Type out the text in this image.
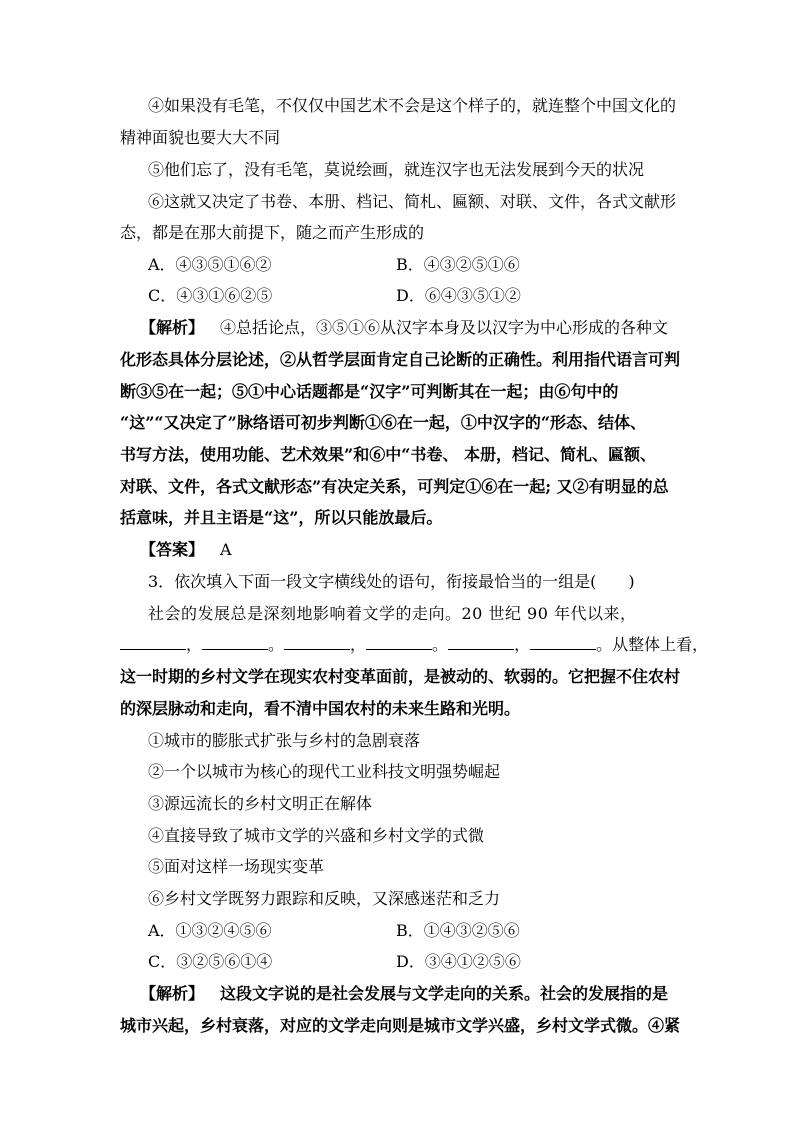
④如果没有毛笔，不仅仅中国艺术不会是这个样子的，就连整个中国文化的
精神面貌也要大大不同
⑤他们忘了，没有毛笔，莫说绘画，就连汉字也无法发展到今天的状况
⑥这就又决定了书卷、本册、档记、简札、匾额、对联、文件，各式文献形
态，都是在那大前提下，随之而产生形成的
A．④③⑤①⑥②	B．④③②⑤①⑥
C．④③①⑥②⑤	D．⑥④③⑤①②
【解析】  ④总括论点，③⑤①⑥从汉字本身及以汉字为中心形成的各种文
化形态具体分层论述，②从哲学层面肯定自己论断的正确性。利用指代语言可判
断③⑤在一起；⑤①中心话题都是“汉字”可判断其在一起；由⑥句中的
“这”“又决定了”脉络语可初步判断①⑥在一起，①中汉字的“形态、结体、
书写方法，使用功能、艺术效果”和⑥中“书卷、 本册，档记、简札、匾额、
对联、文件，各式文献形态”有决定关系，可判定①⑥在一起; 又②有明显的总
括意味，并且主语是“这”，所以只能放最后。
【答案】  A
3．依次填入下面一段文字横线处的语句，衔接最恰当的一组是(　　)
社会的发展总是深刻地影响着文学的走向。20 世纪 90 年代以来，
，	。	，	。	，	。从整体上看，
这一时期的乡村文学在现实农村变革面前，是被动的、软弱的。它把握不住农村
的深层脉动和走向，看不清中国农村的未来生路和光明。
①城市的膨胀式扩张与乡村的急剧衰落
②一个以城市为核心的现代工业科技文明强势崛起
③源远流长的乡村文明正在解体
④直接导致了城市文学的兴盛和乡村文学的式微
⑤面对这样一场现实变革
⑥乡村文学既努力跟踪和反映，又深感迷茫和乏力
A．①③②④⑤⑥	B．①④③②⑤⑥
C．③②⑤⑥①④	D．③④①②⑤⑥
【解析】  这段文字说的是社会发展与文学走向的关系。社会的发展指的是
城市兴起，乡村衰落，对应的文学走向则是城市文学兴盛，乡村文学式微。④紧
